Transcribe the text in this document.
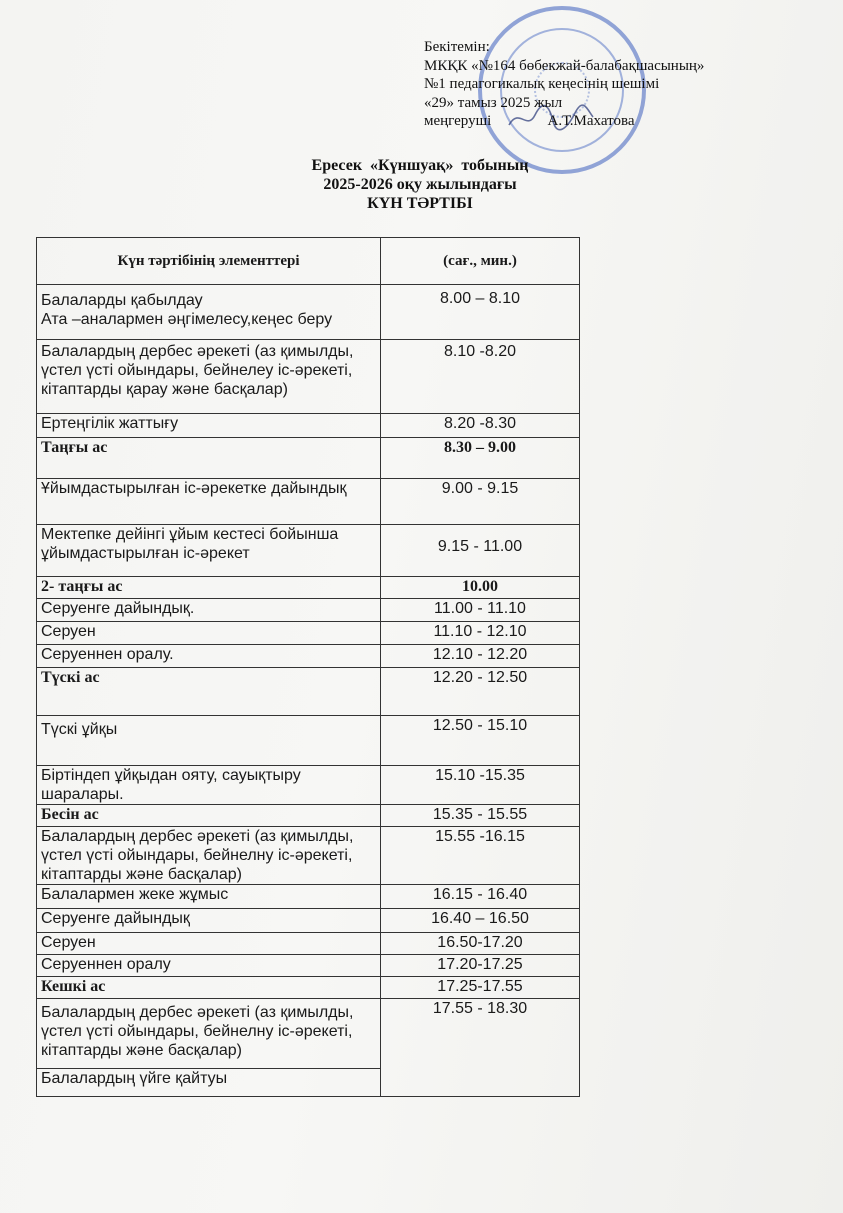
Бекітемін:
МКҚК «№164 бөбекжай-балабақшасының»
№1 педагогикалық кеңесінің шешімі
«29» тамыз 2025 жыл
меңгеруші               А.Т.Махатова
Ересек  «Күншуақ»  тобының
2025-2026 оқу жылындағы
КҮН ТӘРТІБІ
Күн тәртібінің элементтері	(сағ., мин.)
Балаларды қабылдау
Ата –аналармен әңгімелесу,кеңес беру	8.00 – 8.10
Балалардың дербес әрекеті (аз қимылды, үстел үсті ойындары, бейнелеу іс-әрекеті, кітаптарды қарау және басқалар)	8.10 -8.20
Ертеңгілік жаттығу	8.20 -8.30
Таңғы ас	8.30 – 9.00
Ұйымдастырылған іс-әрекетке дайындық	9.00 - 9.15
Мектепке дейінгі ұйым кестесі бойынша ұйымдастырылған іс-әрекет	9.15 - 11.00
2- таңғы ас	10.00
Серуенге дайындық.	11.00 - 11.10
Серуен	11.10 - 12.10
Серуеннен оралу.	12.10 - 12.20
Түскі ас	12.20 - 12.50
Түскі ұйқы	12.50 - 15.10
Біртіндеп ұйқыдан ояту, сауықтыру шаралары.	15.10 -15.35
Бесін ас	15.35 - 15.55
Балалардың дербес әрекеті (аз қимылды, үстел үсті ойындары, бейнелну іс-әрекеті, кітаптарды және басқалар)	15.55 -16.15
Балалармен жеке жұмыс	16.15 - 16.40
Серуенге дайындық	16.40 – 16.50
Серуен	16.50-17.20
Серуеннен оралу	17.20-17.25
Кешкі ас	17.25-17.55
Балалардың дербес әрекеті (аз қимылды, үстел үсті ойындары, бейнелну іс-әрекеті, кітаптарды және басқалар)	17.55 - 18.30
Балалардың үйге қайтуы	
